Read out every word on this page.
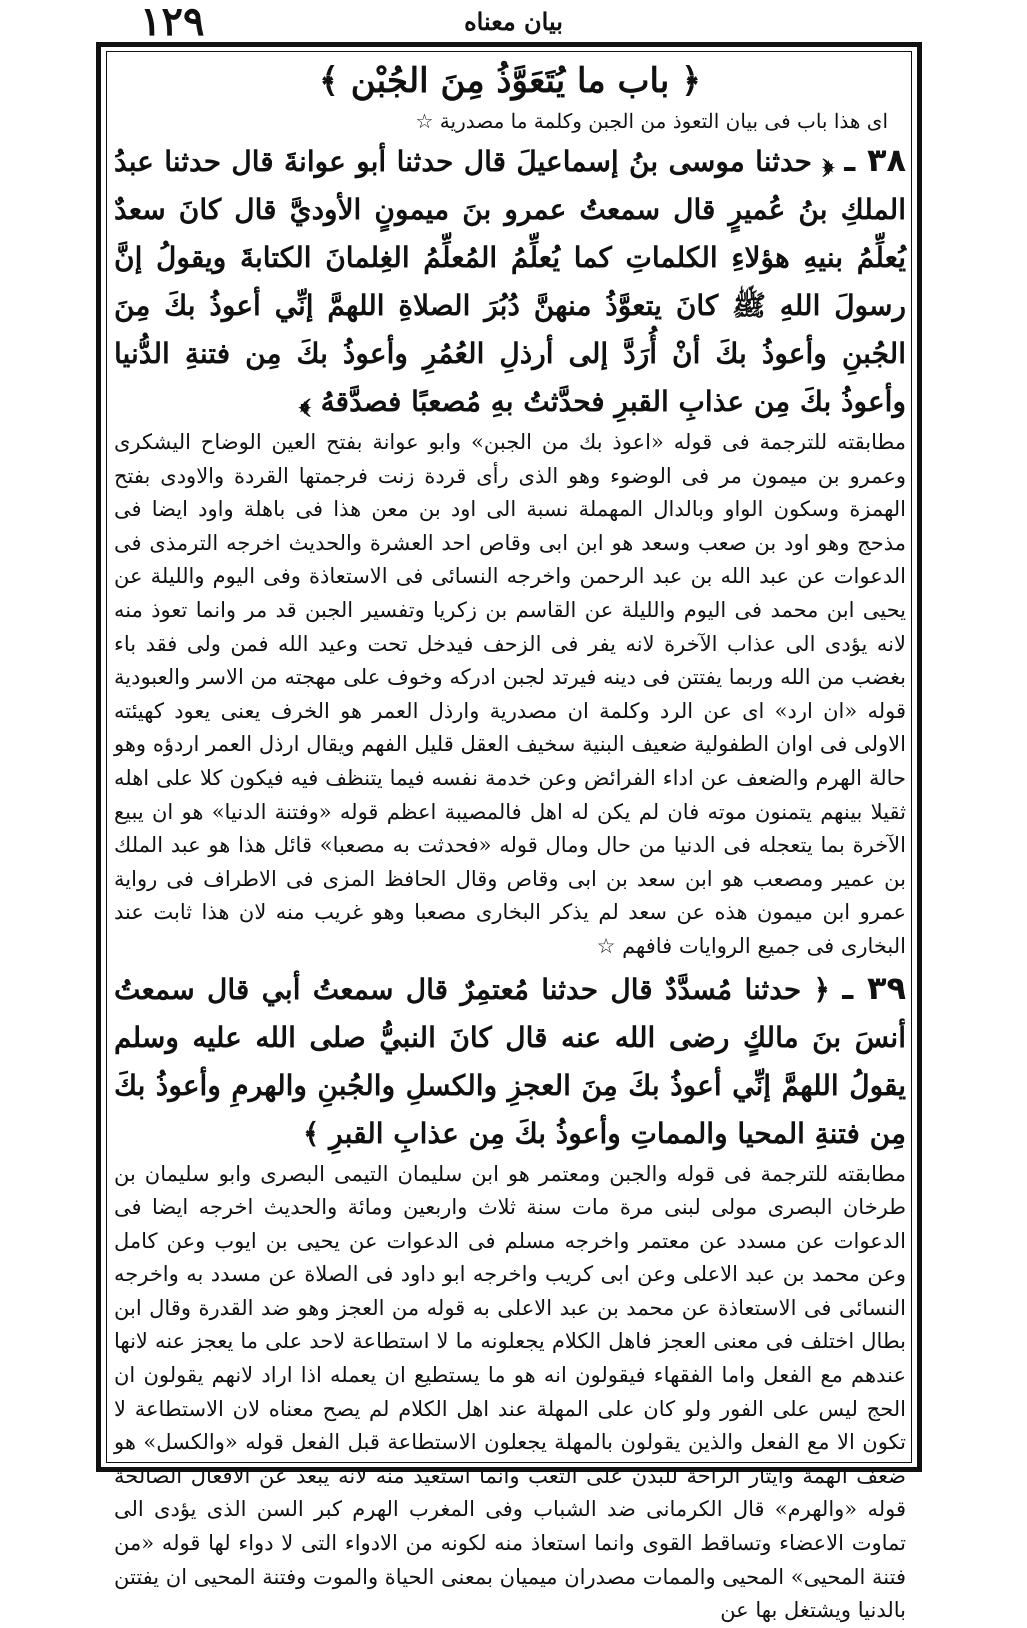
بيان معناه
١٢٩
﴿ باب ما يُتَعَوَّذُ مِنَ الجُبْن ﴾
اى هذا باب فى بيان التعوذ من الجبن وكلمة ما مصدرية ☆
٣٨ ـ ﴿ حدثنا موسى بنُ إسماعيلَ قال حدثنا أبو عوانةَ قال حدثنا عبدُ الملكِ بنُ عُميرٍ قال سمعتُ عمرو بنَ ميمونٍ الأوديَّ قال كانَ سعدٌ يُعلِّمُ بنيهِ هؤلاءِ الكلماتِ كما يُعلِّمُ المُعلِّمُ الغِلمانَ الكتابةَ ويقولُ إنَّ رسولَ اللهِ ﷺ كانَ يتعوَّذُ منهنَّ دُبُرَ الصلاةِ اللهمَّ إنِّي أعوذُ بكَ مِنَ الجُبنِ وأعوذُ بكَ أنْ أُرَدَّ إلى أرذلِ العُمُرِ وأعوذُ بكَ مِن فتنةِ الدُّنيا وأعوذُ بكَ مِن عذابِ القبرِ فحدَّثتُ بهِ مُصعبًا فصدَّقهُ ﴾
مطابقته للترجمة فى قوله «اعوذ بك من الجبن» وابو عوانة بفتح العين الوضاح اليشكرى وعمرو بن ميمون مر فى الوضوء وهو الذى رأى قردة زنت فرجمتها القردة والاودى بفتح الهمزة وسكون الواو وبالدال المهملة نسبة الى اود بن معن هذا فى باهلة واود ايضا فى مذحج وهو اود بن صعب وسعد هو ابن ابى وقاص احد العشرة والحديث اخرجه الترمذى فى الدعوات عن عبد الله بن عبد الرحمن واخرجه النسائى فى الاستعاذة وفى اليوم والليلة عن يحيى ابن محمد فى اليوم والليلة عن القاسم بن زكريا وتفسير الجبن قد مر وانما تعوذ منه لانه يؤدى الى عذاب الآخرة لانه يفر فى الزحف فيدخل تحت وعيد الله فمن ولى فقد باء بغضب من الله وربما يفتتن فى دينه فيرتد لجبن ادركه وخوف على مهجته من الاسر والعبودية قوله «ان ارد» اى عن الرد وكلمة ان مصدرية وارذل العمر هو الخرف يعنى يعود كهيئته الاولى فى اوان الطفولية ضعيف البنية سخيف العقل قليل الفهم ويقال ارذل العمر اردؤه وهو حالة الهرم والضعف عن اداء الفرائض وعن خدمة نفسه فيما يتنظف فيه فيكون كلا على اهله ثقيلا بينهم يتمنون موته فان لم يكن له اهل فالمصيبة اعظم قوله «وفتنة الدنيا» هو ان يبيع الآخرة بما يتعجله فى الدنيا من حال ومال قوله «فحدثت به مصعبا» قائل هذا هو عبد الملك بن عمير ومصعب هو ابن سعد بن ابى وقاص وقال الحافظ المزى فى الاطراف فى رواية عمرو ابن ميمون هذه عن سعد لم يذكر البخارى مصعبا وهو غريب منه لان هذا ثابت عند البخارى فى جميع الروايات فافهم ☆
٣٩ ـ ﴿ حدثنا مُسدَّدٌ قال حدثنا مُعتمِرٌ قال سمعتُ أبي قال سمعتُ أنسَ بنَ مالكٍ رضى الله عنه قال كانَ النبيُّ صلى الله عليه وسلم يقولُ اللهمَّ إنِّي أعوذُ بكَ مِنَ العجزِ والكسلِ والجُبنِ والهرمِ وأعوذُ بكَ مِن فتنةِ المحيا والمماتِ وأعوذُ بكَ مِن عذابِ القبرِ ﴾
مطابقته للترجمة فى قوله والجبن ومعتمر هو ابن سليمان التيمى البصرى وابو سليمان بن طرخان البصرى مولى لبنى مرة مات سنة ثلاث واربعين ومائة والحديث اخرجه ايضا فى الدعوات عن مسدد عن معتمر واخرجه مسلم فى الدعوات عن يحيى بن ايوب وعن كامل وعن محمد بن عبد الاعلى وعن ابى كريب واخرجه ابو داود فى الصلاة عن مسدد به واخرجه النسائى فى الاستعاذة عن محمد بن عبد الاعلى به قوله من العجز وهو ضد القدرة وقال ابن بطال اختلف فى معنى العجز فاهل الكلام يجعلونه ما لا استطاعة لاحد على ما يعجز عنه لانها عندهم مع الفعل واما الفقهاء فيقولون انه هو ما يستطيع ان يعمله اذا اراد لانهم يقولون ان الحج ليس على الفور ولو كان على المهلة عند اهل الكلام لم يصح معناه لان الاستطاعة لا تكون الا مع الفعل والذين يقولون بالمهلة يجعلون الاستطاعة قبل الفعل قوله «والكسل» هو ضعف الهمة وايثار الراحة للبدن على التعب وانما استعيذ منه لانه يبعد عن الافعال الصالحة قوله «والهرم» قال الكرمانى ضد الشباب وفى المغرب الهرم كبر السن الذى يؤدى الى تماوت الاعضاء وتساقط القوى وانما استعاذ منه لكونه من الادواء التى لا دواء لها قوله «من فتنة المحيى» المحيى والممات مصدران ميميان بمعنى الحياة والموت وفتنة المحيى ان يفتتن بالدنيا ويشتغل بها عن
